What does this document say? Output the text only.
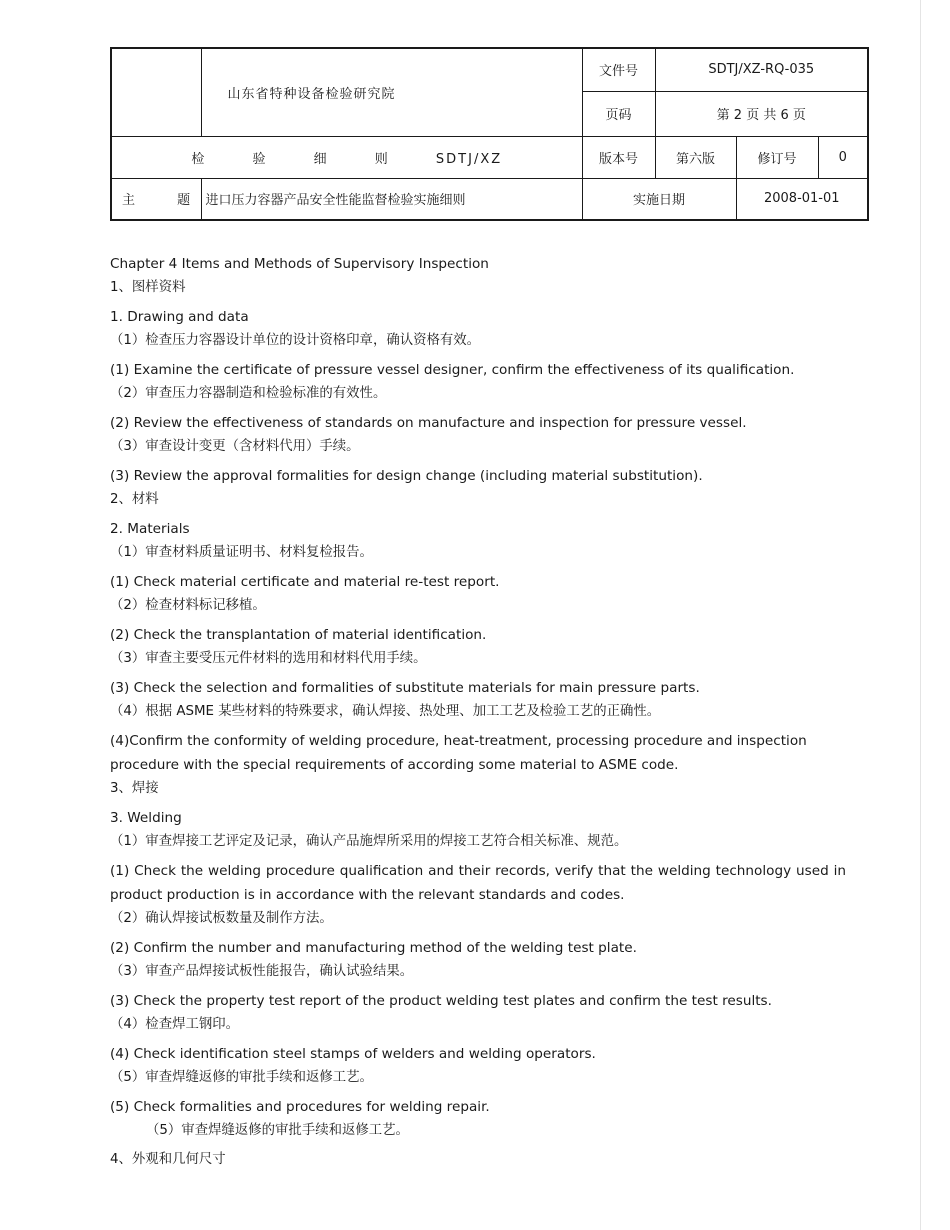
	山东省特种设备检验研究院	文件号	SDTJ/XZ-RQ-035		
		页码	第 2 页 共 6 页		
检 验 细 则 SDTJ/XZ		版本号	第六版	修订号	0
主 题	进口压力容器产品安全性能监督检验实施细则	实施日期		2008-01-01	

Chapter 4 Items and Methods of Supervisory Inspection

1、图样资料

1. Drawing and data

（1）检查压力容器设计单位的设计资格印章，确认资格有效。

(1) Examine the certificate of pressure vessel designer, confirm the effectiveness of its qualification.

（2）审查压力容器制造和检验标准的有效性。

(2) Review the effectiveness of standards on manufacture and inspection for pressure vessel.

（3）审查设计变更（含材料代用）手续。

(3) Review the approval formalities for design change (including material substitution).

2、材料

2. Materials

（1）审查材料质量证明书、材料复检报告。

(1) Check material certificate and material re-test report.

（2）检查材料标记移植。

(2) Check the transplantation of material identification.

（3）审查主要受压元件材料的选用和材料代用手续。

(3) Check the selection and formalities of substitute materials for main pressure parts.

（4）根据 ASME 某些材料的特殊要求，确认焊接、热处理、加工工艺及检验工艺的正确性。

(4)Confirm the conformity of welding procedure, heat-treatment, processing procedure and inspection procedure with the special requirements of according some material to ASME code.

3、焊接

3. Welding

（1）审查焊接工艺评定及记录，确认产品施焊所采用的焊接工艺符合相关标准、规范。

(1) Check the welding procedure qualification and their records, verify that the welding technology used in product production is in accordance with the relevant standards and codes.

（2）确认焊接试板数量及制作方法。

(2) Confirm the number and manufacturing method of the welding test plate.

（3）审查产品焊接试板性能报告，确认试验结果。

(3) Check the property test report of the product welding test plates and confirm the test results.

（4）检查焊工钢印。

(4) Check identification steel stamps of welders and welding operators.

（5）审查焊缝返修的审批手续和返修工艺。

(5) Check formalities and procedures for welding repair.

（5）审查焊缝返修的审批手续和返修工艺。

4、外观和几何尺寸
